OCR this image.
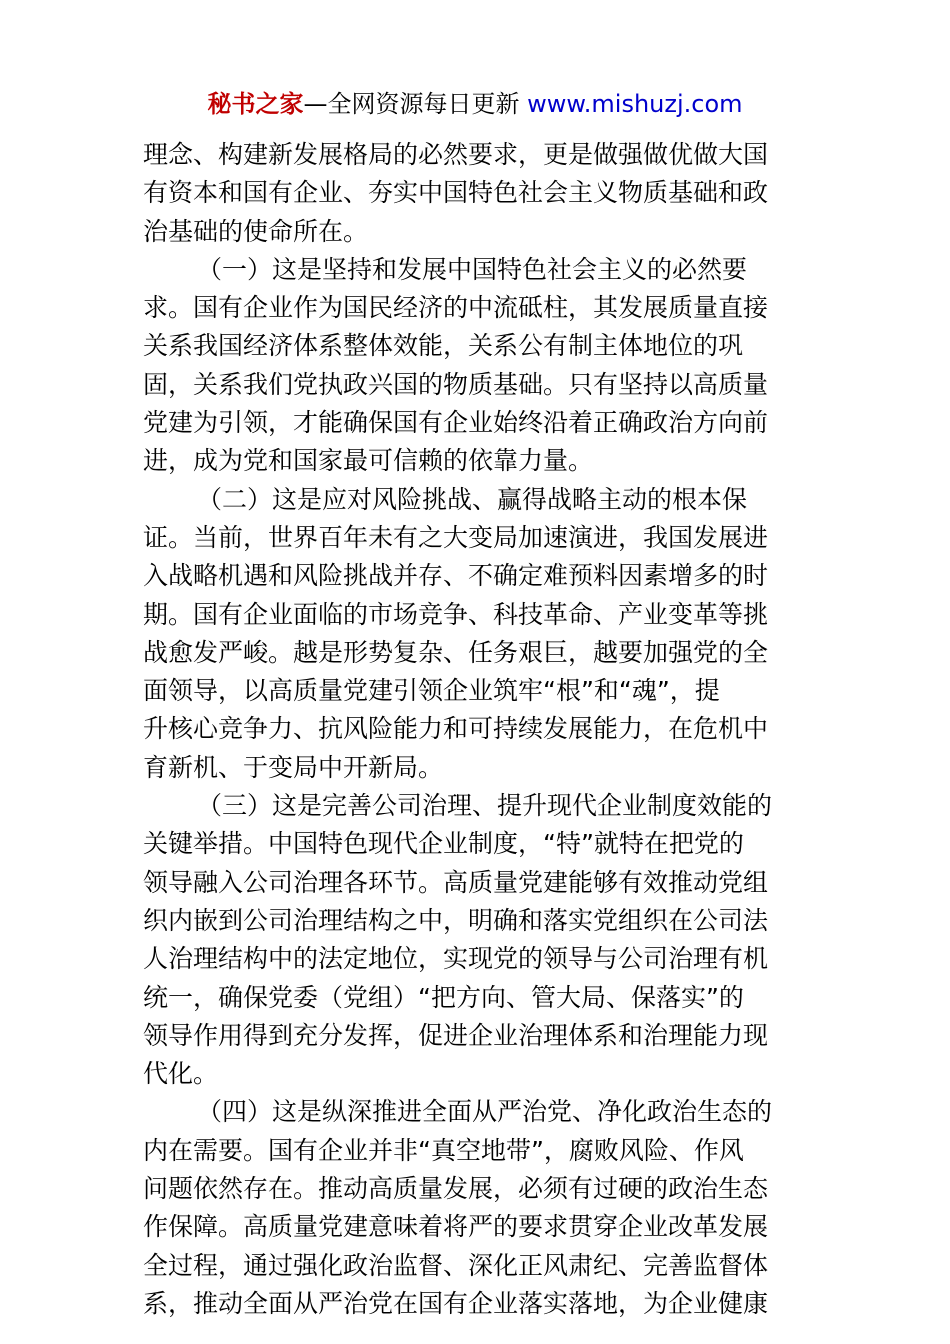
秘书之家—全网资源每日更新 www.mishuzj.com
理念、构建新发展格局的必然要求，更是做强做优做大国
有资本和国有企业、夯实中国特色社会主义物质基础和政
治基础的使命所在。
（一）这是坚持和发展中国特色社会主义的必然要
求。国有企业作为国民经济的中流砥柱，其发展质量直接
关系我国经济体系整体效能，关系公有制主体地位的巩
固，关系我们党执政兴国的物质基础。只有坚持以高质量
党建为引领，才能确保国有企业始终沿着正确政治方向前
进，成为党和国家最可信赖的依靠力量。
（二）这是应对风险挑战、赢得战略主动的根本保
证。当前，世界百年未有之大变局加速演进，我国发展进
入战略机遇和风险挑战并存、不确定难预料因素增多的时
期。国有企业面临的市场竞争、科技革命、产业变革等挑
战愈发严峻。越是形势复杂、任务艰巨，越要加强党的全
面领导，以高质量党建引领企业筑牢“根”和“魂”，提
升核心竞争力、抗风险能力和可持续发展能力，在危机中
育新机、于变局中开新局。
（三）这是完善公司治理、提升现代企业制度效能的
关键举措。中国特色现代企业制度，“特”就特在把党的
领导融入公司治理各环节。高质量党建能够有效推动党组
织内嵌到公司治理结构之中，明确和落实党组织在公司法
人治理结构中的法定地位，实现党的领导与公司治理有机
统一，确保党委（党组）“把方向、管大局、保落实”的
领导作用得到充分发挥，促进企业治理体系和治理能力现
代化。
（四）这是纵深推进全面从严治党、净化政治生态的
内在需要。国有企业并非“真空地带”，腐败风险、作风
问题依然存在。推动高质量发展，必须有过硬的政治生态
作保障。高质量党建意味着将严的要求贯穿企业改革发展
全过程，通过强化政治监督、深化正风肃纪、完善监督体
系，推动全面从严治党在国有企业落实落地，为企业健康
